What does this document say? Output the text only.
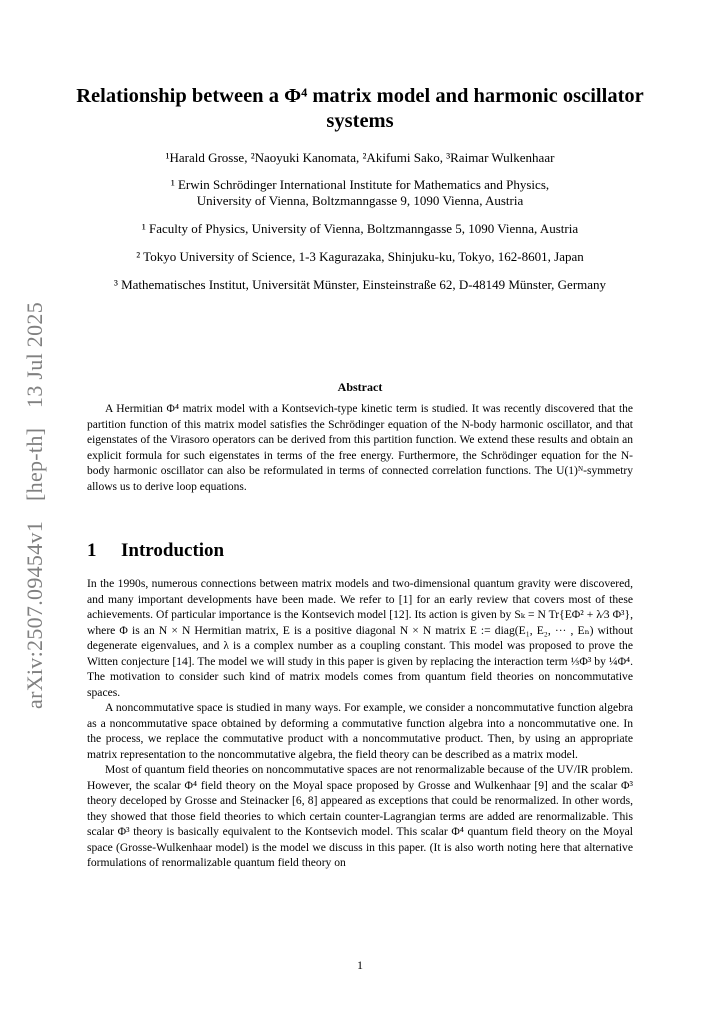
arXiv:2507.09454v1 [hep-th] 13 Jul 2025
Relationship between a Φ⁴ matrix model and harmonic oscillator systems
¹Harald Grosse, ²Naoyuki Kanomata, ²Akifumi Sako, ³Raimar Wulkenhaar
¹ Erwin Schrödinger International Institute for Mathematics and Physics,
University of Vienna, Boltzmanngasse 9, 1090 Vienna, Austria
¹ Faculty of Physics, University of Vienna, Boltzmanngasse 5, 1090 Vienna, Austria
² Tokyo University of Science, 1-3 Kagurazaka, Shinjuku-ku, Tokyo, 162-8601, Japan
³ Mathematisches Institut, Universität Münster, Einsteinstraße 62, D-48149 Münster, Germany
Abstract
A Hermitian Φ⁴ matrix model with a Kontsevich-type kinetic term is studied. It was recently discovered that the partition function of this matrix model satisfies the Schrödinger equation of the N-body harmonic oscillator, and that eigenstates of the Virasoro operators can be derived from this partition function. We extend these results and obtain an explicit formula for such eigenstates in terms of the free energy. Furthermore, the Schrödinger equation for the N-body harmonic oscillator can also be reformulated in terms of connected correlation functions. The U(1)ᴺ-symmetry allows us to derive loop equations.
1 Introduction

In the 1990s, numerous connections between matrix models and two-dimensional quantum gravity were discovered, and many important developments have been made. We refer to [1] for an early review that covers most of these achievements. Of particular importance is the Kontsevich model [12]. Its action is given by Sₖ = N Tr{EΦ² + λ⁄3 Φ³}, where Φ is an N × N Hermitian matrix, E is a positive diagonal N × N matrix E := diag(E₁, E₂, ··· , Eₙ) without degenerate eigenvalues, and λ is a complex number as a coupling constant. This model was proposed to prove the Witten conjecture [14]. The model we will study in this paper is given by replacing the interaction term ⅓Φ³ by ¼Φ⁴. The motivation to consider such kind of matrix models comes from quantum field theories on noncommutative spaces.

A noncommutative space is studied in many ways. For example, we consider a noncommutative function algebra as a noncommutative space obtained by deforming a commutative function algebra into a noncommutative one. In the process, we replace the commutative product with a noncommutative product. Then, by using an appropriate matrix representation to the noncommutative algebra, the field theory can be described as a matrix model.

Most of quantum field theories on noncommutative spaces are not renormalizable because of the UV/IR problem. However, the scalar Φ⁴ field theory on the Moyal space proposed by Grosse and Wulkenhaar [9] and the scalar Φ³ theory deceloped by Grosse and Steinacker [6, 8] appeared as exceptions that could be renormalized. In other words, they showed that those field theories to which certain counter-Lagrangian terms are added are renormalizable. This scalar Φ³ theory is basically equivalent to the Kontsevich model. This scalar Φ⁴ quantum field theory on the Moyal space (Grosse-Wulkenhaar model) is the model we discuss in this paper. (It is also worth noting here that alternative formulations of renormalizable quantum field theory on

1
